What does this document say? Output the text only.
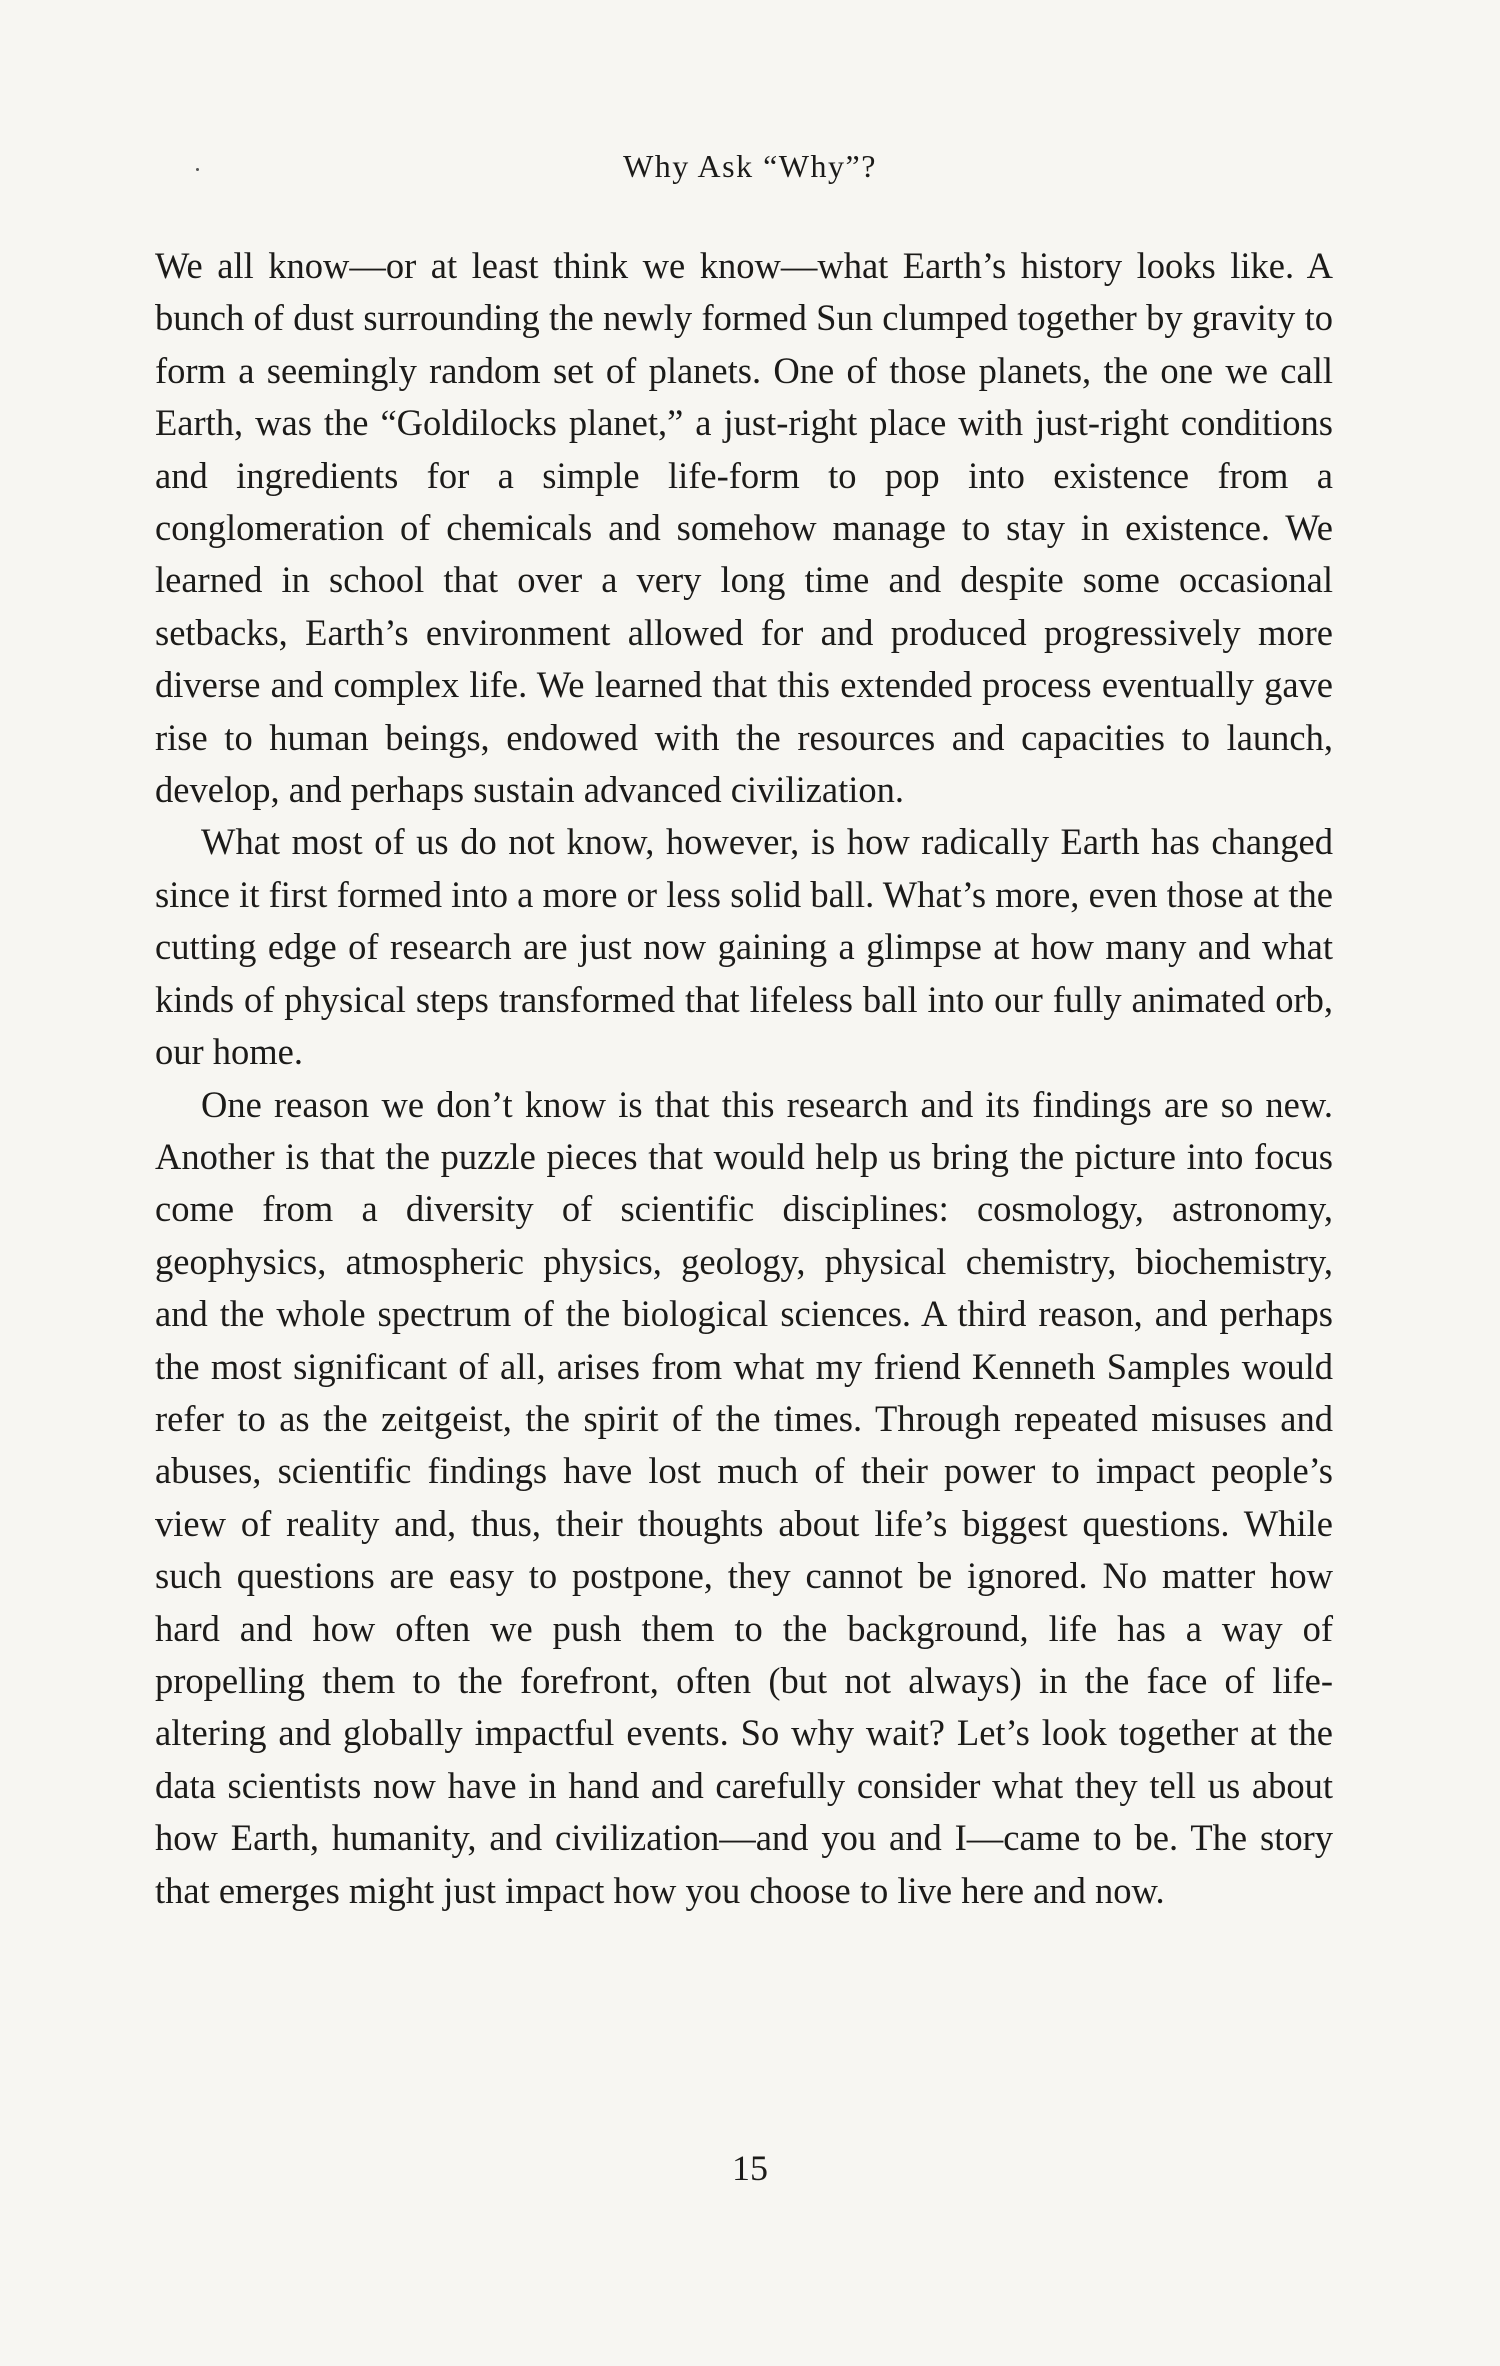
Why Ask “Why”?

We all know—or at least think we know—what Earth’s history looks like. A bunch of dust surrounding the newly formed Sun clumped together by gravity to form a seemingly random set of planets. One of those planets, the one we call Earth, was the “Goldilocks planet,” a just-right place with just-right conditions and ingredients for a simple life-form to pop into existence from a conglomeration of chemicals and somehow manage to stay in existence. We learned in school that over a very long time and despite some occasional setbacks, Earth’s environment allowed for and produced progressively more diverse and complex life. We learned that this extended process eventually gave rise to human beings, endowed with the resources and capacities to launch, develop, and perhaps sustain advanced civilization.

What most of us do not know, however, is how radically Earth has changed since it first formed into a more or less solid ball. What’s more, even those at the cutting edge of research are just now gaining a glimpse at how many and what kinds of physical steps transformed that lifeless ball into our fully animated orb, our home.

One reason we don’t know is that this research and its findings are so new. Another is that the puzzle pieces that would help us bring the picture into focus come from a diversity of scientific disciplines: cosmology, astronomy, geophysics, atmospheric physics, geology, physical chemistry, biochemistry, and the whole spectrum of the biological sciences. A third reason, and perhaps the most significant of all, arises from what my friend Kenneth Samples would refer to as the zeitgeist, the spirit of the times. Through repeated misuses and abuses, scientific findings have lost much of their power to impact people’s view of reality and, thus, their thoughts about life’s biggest questions. While such questions are easy to postpone, they cannot be ignored. No matter how hard and how often we push them to the background, life has a way of propelling them to the forefront, often (but not always) in the face of life-altering and globally impactful events. So why wait? Let’s look together at the data scientists now have in hand and carefully consider what they tell us about how Earth, humanity, and civilization—and you and I—came to be. The story that emerges might just impact how you choose to live here and now.

15
